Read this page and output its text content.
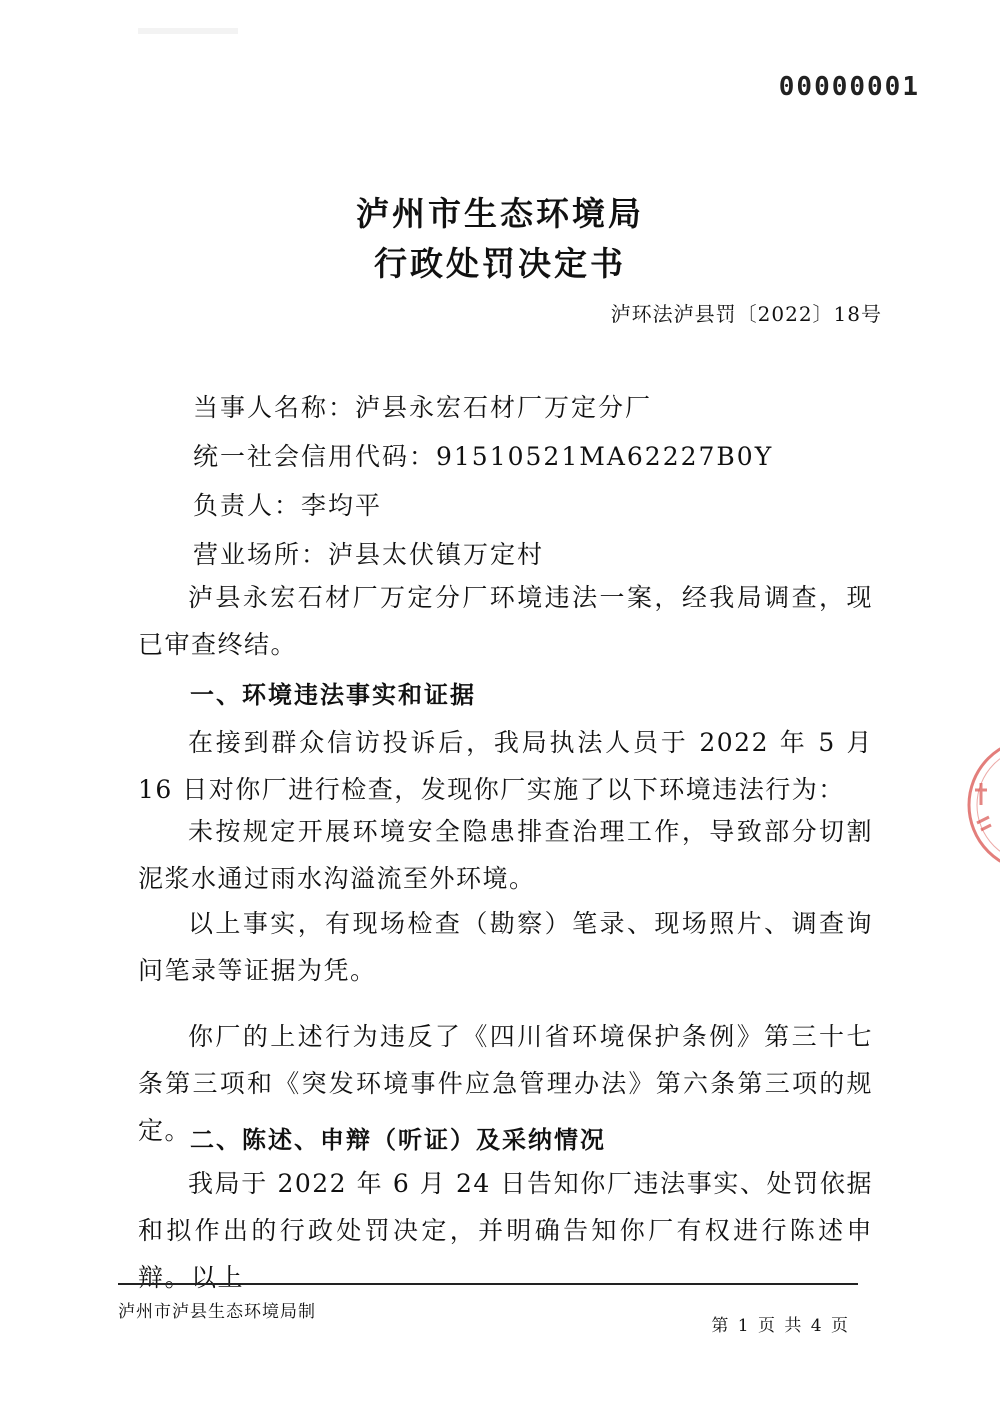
00000001
泸州市生态环境局
行政处罚决定书
泸环法泸县罚〔2022〕18号
当事人名称：泸县永宏石材厂万定分厂
统一社会信用代码：91510521MA62227B0Y
负责人：李均平
营业场所：泸县太伏镇万定村
泸县永宏石材厂万定分厂环境违法一案，经我局调查，现已审查终结。
一、环境违法事实和证据
在接到群众信访投诉后，我局执法人员于 2022 年 5 月 16 日对你厂进行检查，发现你厂实施了以下环境违法行为：
未按规定开展环境安全隐患排查治理工作，导致部分切割泥浆水通过雨水沟溢流至外环境。
以上事实，有现场检查（勘察）笔录、现场照片、调查询问笔录等证据为凭。
你厂的上述行为违反了《四川省环境保护条例》第三十七条第三项和《突发环境事件应急管理办法》第六条第三项的规定。
二、陈述、申辩（听证）及采纳情况
我局于 2022 年 6 月 24 日告知你厂违法事实、处罚依据和拟作出的行政处罚决定，并明确告知你厂有权进行陈述申辩。以上
泸州市泸县生态环境局制
第 1 页 共 4 页
